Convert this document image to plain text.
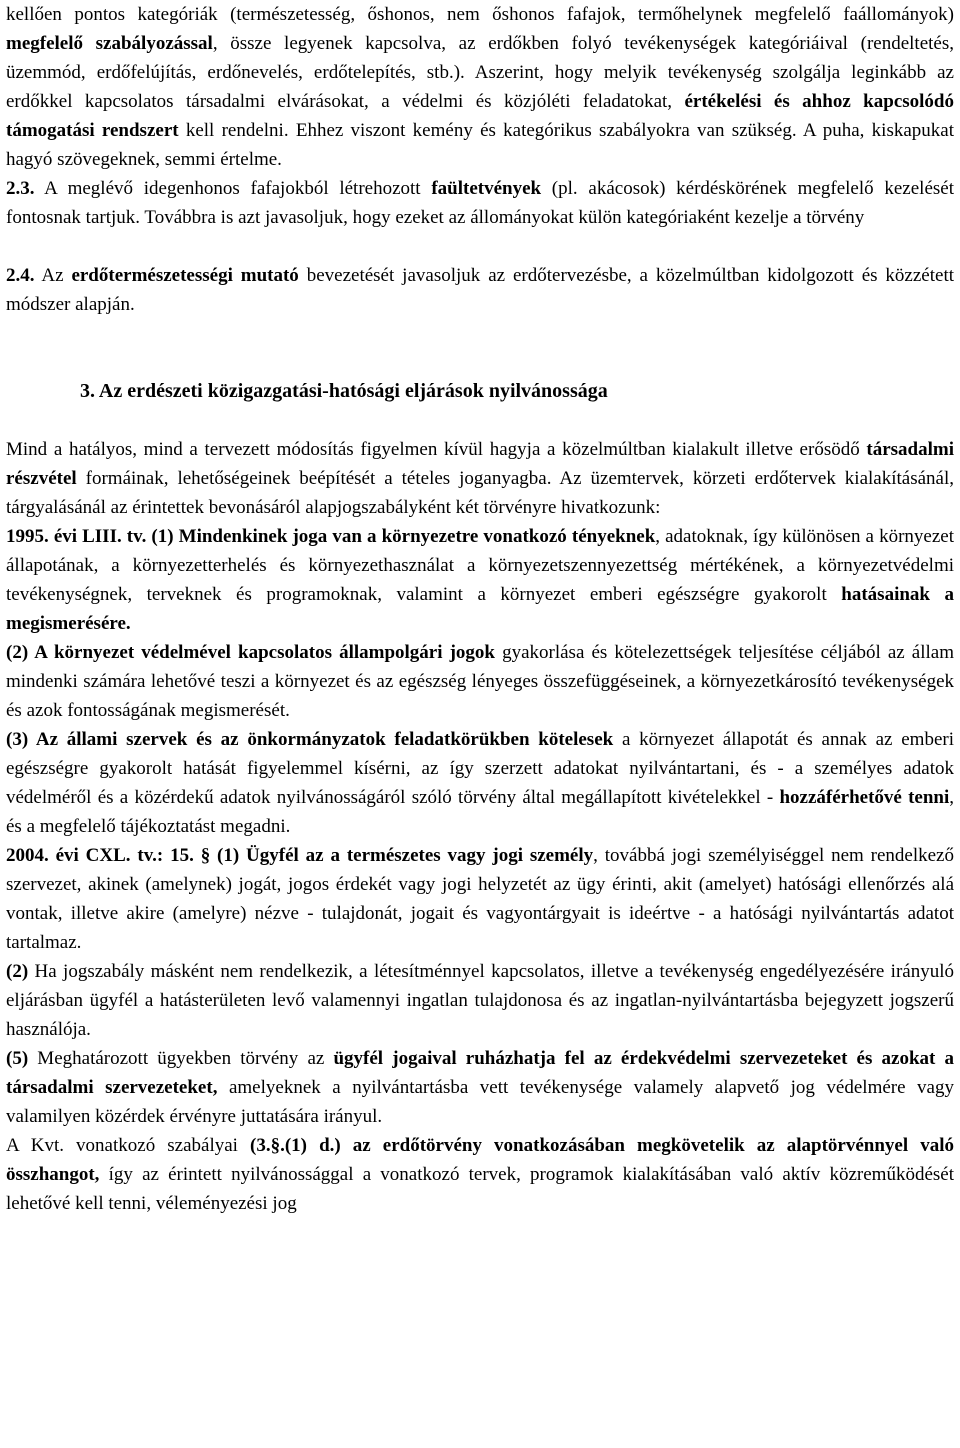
kellően pontos kategóriák (természetesség, őshonos, nem őshonos fafajok, termőhelynek megfelelő faállományok) megfelelő szabályozással, össze legyenek kapcsolva, az erdőkben folyó tevékenységek kategóriáival (rendeltetés, üzemmód, erdőfelújítás, erdőnevelés, erdőtelepítés, stb.). Aszerint, hogy melyik tevékenység szolgálja leginkább az erdőkkel kapcsolatos társadalmi elvárásokat, a védelmi és közjóléti feladatokat, értékelési és ahhoz kapcsolódó támogatási rendszert kell rendelni. Ehhez viszont kemény és kategórikus szabályokra van szükség. A puha, kiskapukat hagyó szövegeknek, semmi értelme.

2.3. A meglévő idegenhonos fafajokból létrehozott faültetvények (pl. akácosok) kérdéskörének megfelelő kezelését fontosnak tartjuk. Továbbra is azt javasoljuk, hogy ezeket az állományokat külön kategóriaként kezelje a törvény

2.4. Az erdőtermészetességi mutató bevezetését javasoljuk az erdőtervezésbe, a közelmúltban kidolgozott és közzétett módszer alapján.

3. Az erdészeti közigazgatási-hatósági eljárások nyilvánossága

Mind a hatályos, mind a tervezett módosítás figyelmen kívül hagyja a közelmúltban kialakult illetve erősödő társadalmi részvétel formáinak, lehetőségeinek beépítését a tételes joganyagba. Az üzemtervek, körzeti erdőtervek kialakításánál, tárgyalásánál az érintettek bevonásáról alapjogszabályként két törvényre hivatkozunk:

1995. évi LIII. tv. (1) Mindenkinek joga van a környezetre vonatkozó tényeknek, adatoknak, így különösen a környezet állapotának, a környezetterhelés és környezethasználat a környezetszennyezettség mértékének, a környezetvédelmi tevékenységnek, terveknek és programoknak, valamint a környezet emberi egészségre gyakorolt hatásainak a megismerésére.

(2) A környezet védelmével kapcsolatos állampolgári jogok gyakorlása és kötelezettségek teljesítése céljából az állam mindenki számára lehetővé teszi a környezet és az egészség lényeges összefüggéseinek, a környezetkárosító tevékenységek és azok fontosságának megismerését.

(3) Az állami szervek és az önkormányzatok feladatkörükben kötelesek a környezet állapotát és annak az emberi egészségre gyakorolt hatását figyelemmel kísérni, az így szerzett adatokat nyilvántartani, és - a személyes adatok védelméről és a közérdekű adatok nyilvánosságáról szóló törvény által megállapított kivételekkel - hozzáférhetővé tenni, és a megfelelő tájékoztatást megadni.

2004. évi CXL. tv.: 15. § (1) Ügyfél az a természetes vagy jogi személy, továbbá jogi személyiséggel nem rendelkező szervezet, akinek (amelynek) jogát, jogos érdekét vagy jogi helyzetét az ügy érinti, akit (amelyet) hatósági ellenőrzés alá vontak, illetve akire (amelyre) nézve - tulajdonát, jogait és vagyontárgyait is ideértve - a hatósági nyilvántartás adatot tartalmaz.

(2) Ha jogszabály másként nem rendelkezik, a létesítménnyel kapcsolatos, illetve a tevékenység engedélyezésére irányuló eljárásban ügyfél a hatásterületen levő valamennyi ingatlan tulajdonosa és az ingatlan-nyilvántartásba bejegyzett jogszerű használója.

(5) Meghatározott ügyekben törvény az ügyfél jogaival ruházhatja fel az érdekvédelmi szervezeteket és azokat a társadalmi szervezeteket, amelyeknek a nyilvántartásba vett tevékenysége valamely alapvető jog védelmére vagy valamilyen közérdek érvényre juttatására irányul.

A Kvt. vonatkozó szabályai (3.§.(1) d.) az erdőtörvény vonatkozásában megkövetelik az alaptörvénnyel való összhangot, így az érintett nyilvánossággal a vonatkozó tervek, programok kialakításában való aktív közreműködését lehetővé kell tenni, véleményezési jog
